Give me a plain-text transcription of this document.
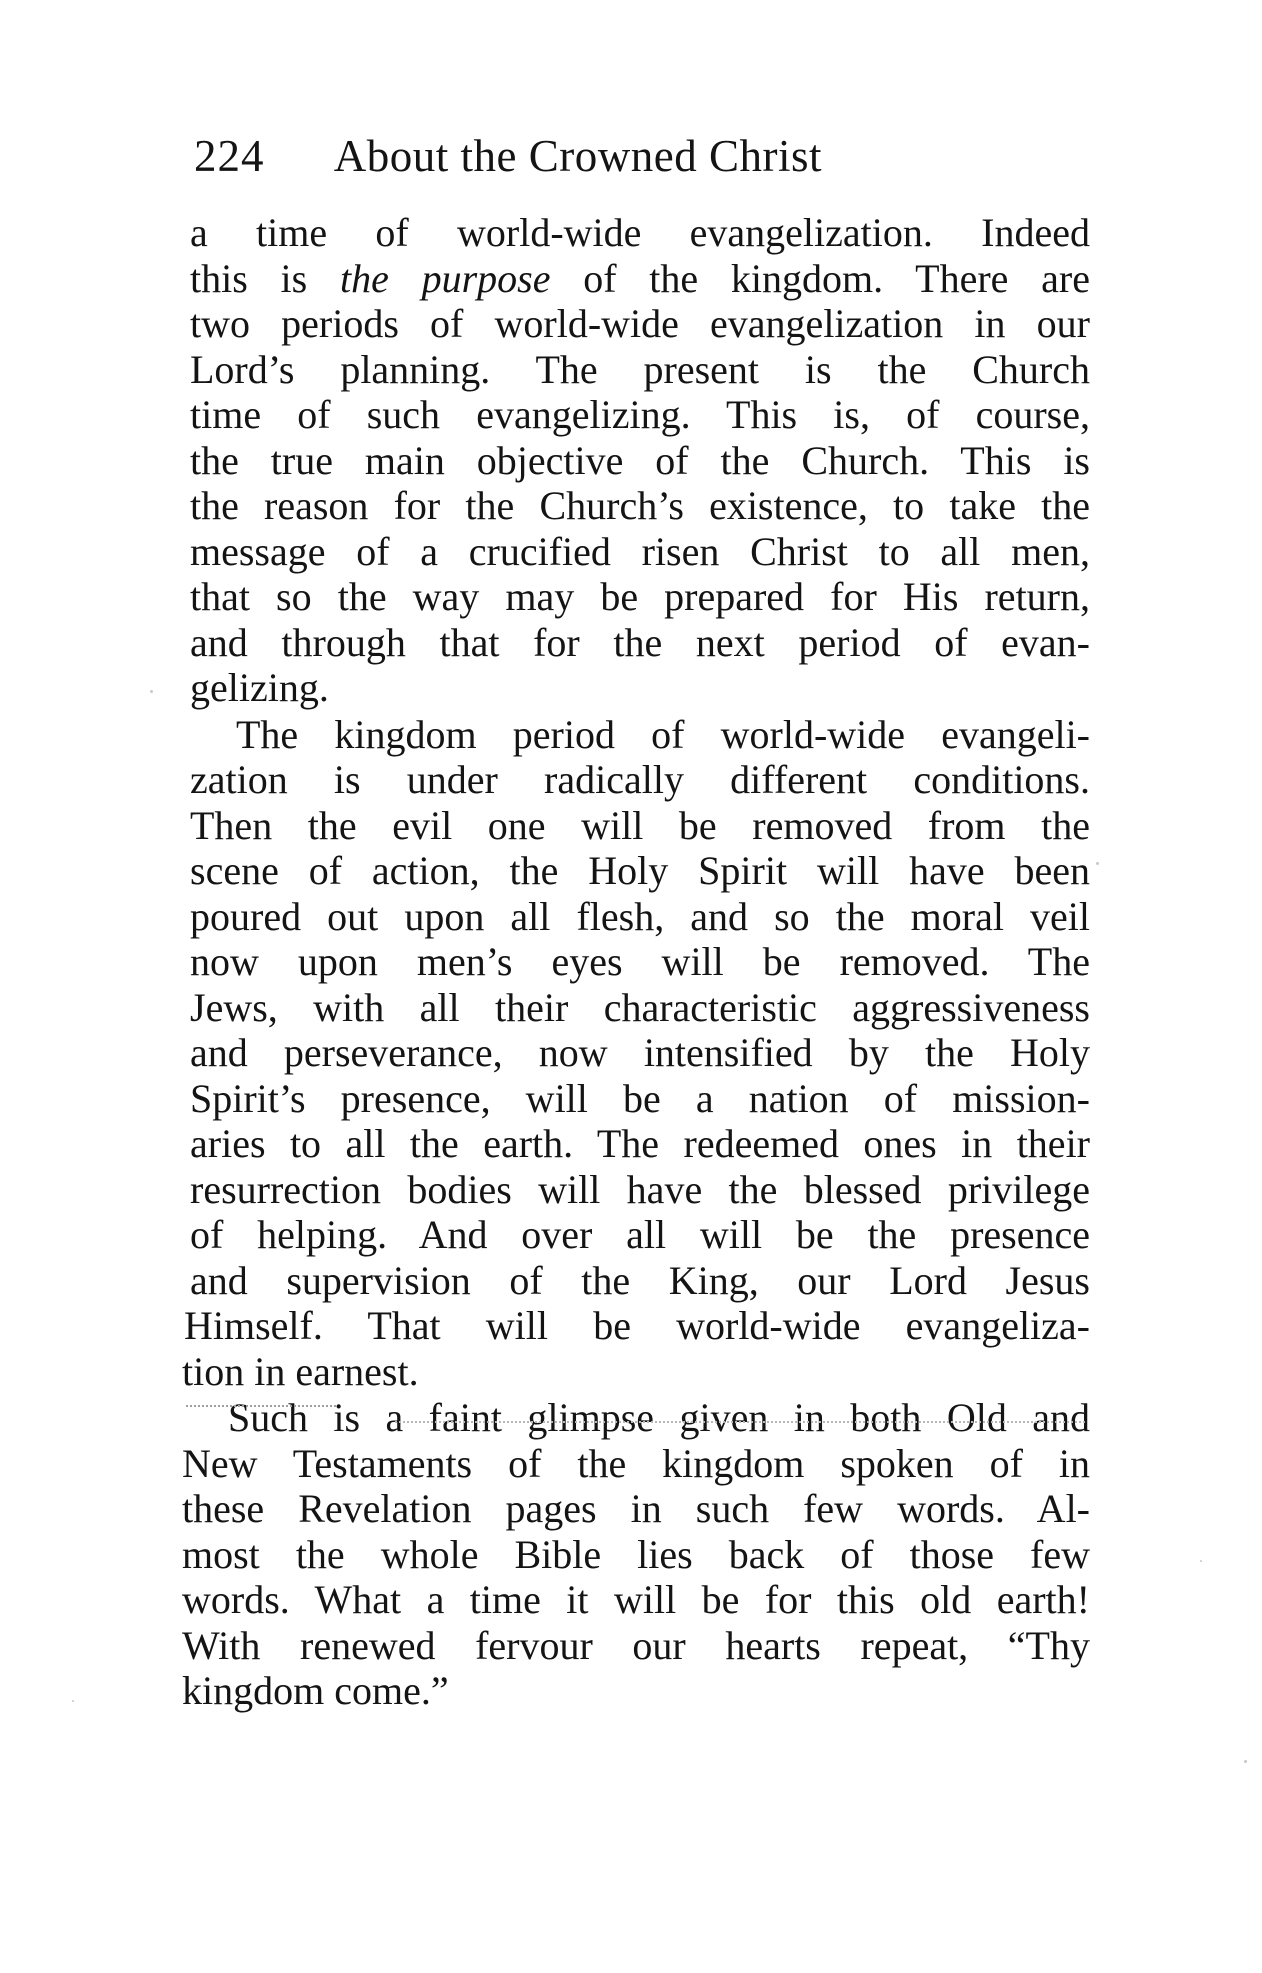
224 About the Crowned Christ
a time of world-wide evangelization. Indeed
this is the purpose of the kingdom. There are
two periods of world-wide evangelization in our
Lord’s planning. The present is the Church
time of such evangelizing. This is, of course,
the true main objective of the Church. This is
the reason for the Church’s existence, to take the
message of a crucified risen Christ to all men,
that so the way may be prepared for His return,
and through that for the next period of evan-
gelizing.
The kingdom period of world-wide evangeli-
zation is under radically different conditions.
Then the evil one will be removed from the
scene of action, the Holy Spirit will have been
poured out upon all flesh, and so the moral veil
now upon men’s eyes will be removed. The
Jews, with all their characteristic aggressiveness
and perseverance, now intensified by the Holy
Spirit’s presence, will be a nation of mission-
aries to all the earth. The redeemed ones in their
resurrection bodies will have the blessed privilege
of helping. And over all will be the presence
and supervision of the King, our Lord Jesus
Himself. That will be world-wide evangeliza-
tion in earnest.
Such is a faint glimpse given in both Old and
New Testaments of the kingdom spoken of in
these Revelation pages in such few words. Al-
most the whole Bible lies back of those few
words. What a time it will be for this old earth!
With renewed fervour our hearts repeat, “Thy
kingdom come.”
